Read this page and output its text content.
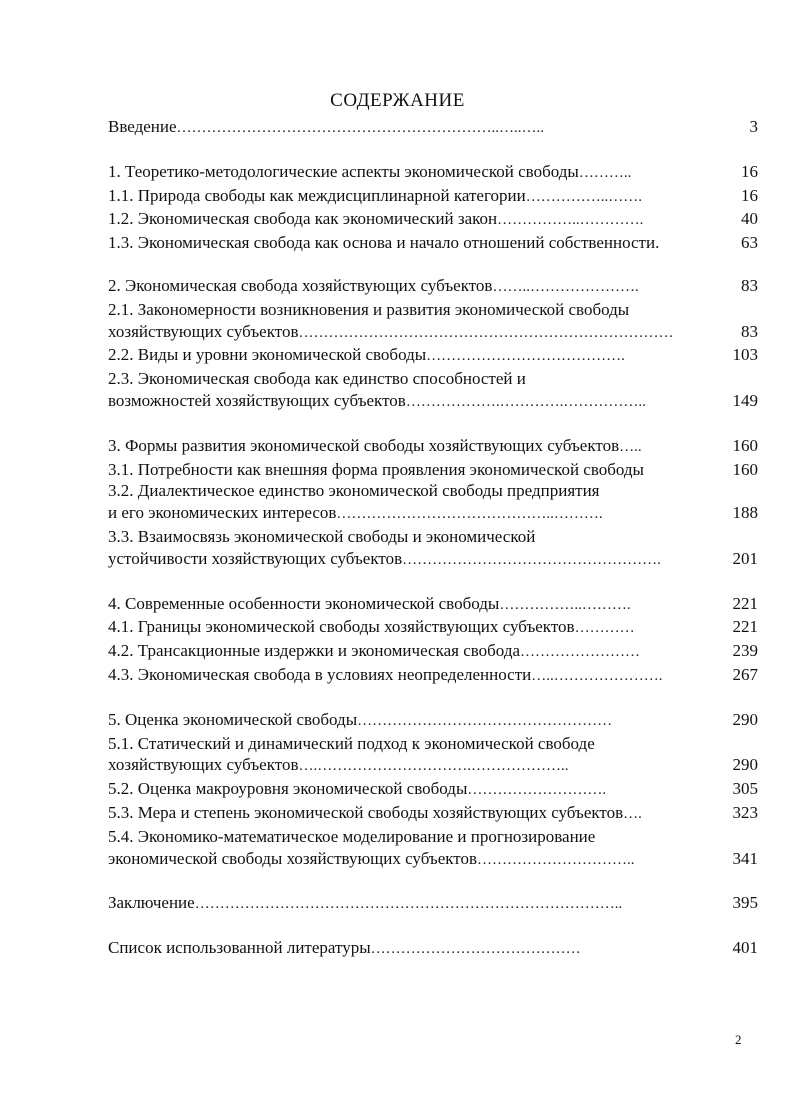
СОДЕРЖАНИЕ
Введение ………………………………………………………..…..…..	3
1. Теоретико-методологические аспекты экономической свободы ………..	16
1.1. Природа свободы как междисциплинарной категории ……………..…….	16
1.2. Экономическая свобода как экономический закон ……………..………….	40
1.3. Экономическая свобода как основа и начало отношений собственности.	63
2. Экономическая свобода хозяйствующих субъектов ……..………………….	83
2.1. Закономерности возникновения и развития экономической свободы
хозяйствующих субъектов …………………………………………………………………	83
2.2. Виды и уровни экономической свободы ………………………………….	103
2.3. Экономическая свобода как единство способностей и
возможностей хозяйствующих субъектов ……………….………….……………..	149
3. Формы развития экономической свободы хозяйствующих субъектов …..	160
3.1. Потребности как внешняя форма проявления экономической свободы	160
3.2. Диалектическое единство экономической свободы предприятия
и его экономических интересов ……………………………………..……….	188
3.3. Взаимосвязь экономической свободы и экономической
устойчивости хозяйствующих субъектов …………………………………………….	201
4. Современные особенности экономической свободы ……………..……….	221
4.1. Границы экономической свободы хозяйствующих субъектов …………	221
4.2. Трансакционные издержки и экономическая свобода ……………………	239
4.3. Экономическая свобода в условиях неопределенности …..………………….	267
5. Оценка экономической свободы ……………………………………………	290
5.1. Статический и динамический подход к экономической свободе
хозяйствующих субъектов ….………………………….………………..	290
5.2. Оценка макроуровня экономической свободы ……………………….	305
5.3. Мера и степень экономической свободы хозяйствующих субъектов ….	323
5.4. Экономико-математическое моделирование и прогнозирование
экономической свободы хозяйствующих субъектов …………………………..	341
Заключение …………………………………………………………………………..	395
Список использованной литературы ……………………………………	401
2
